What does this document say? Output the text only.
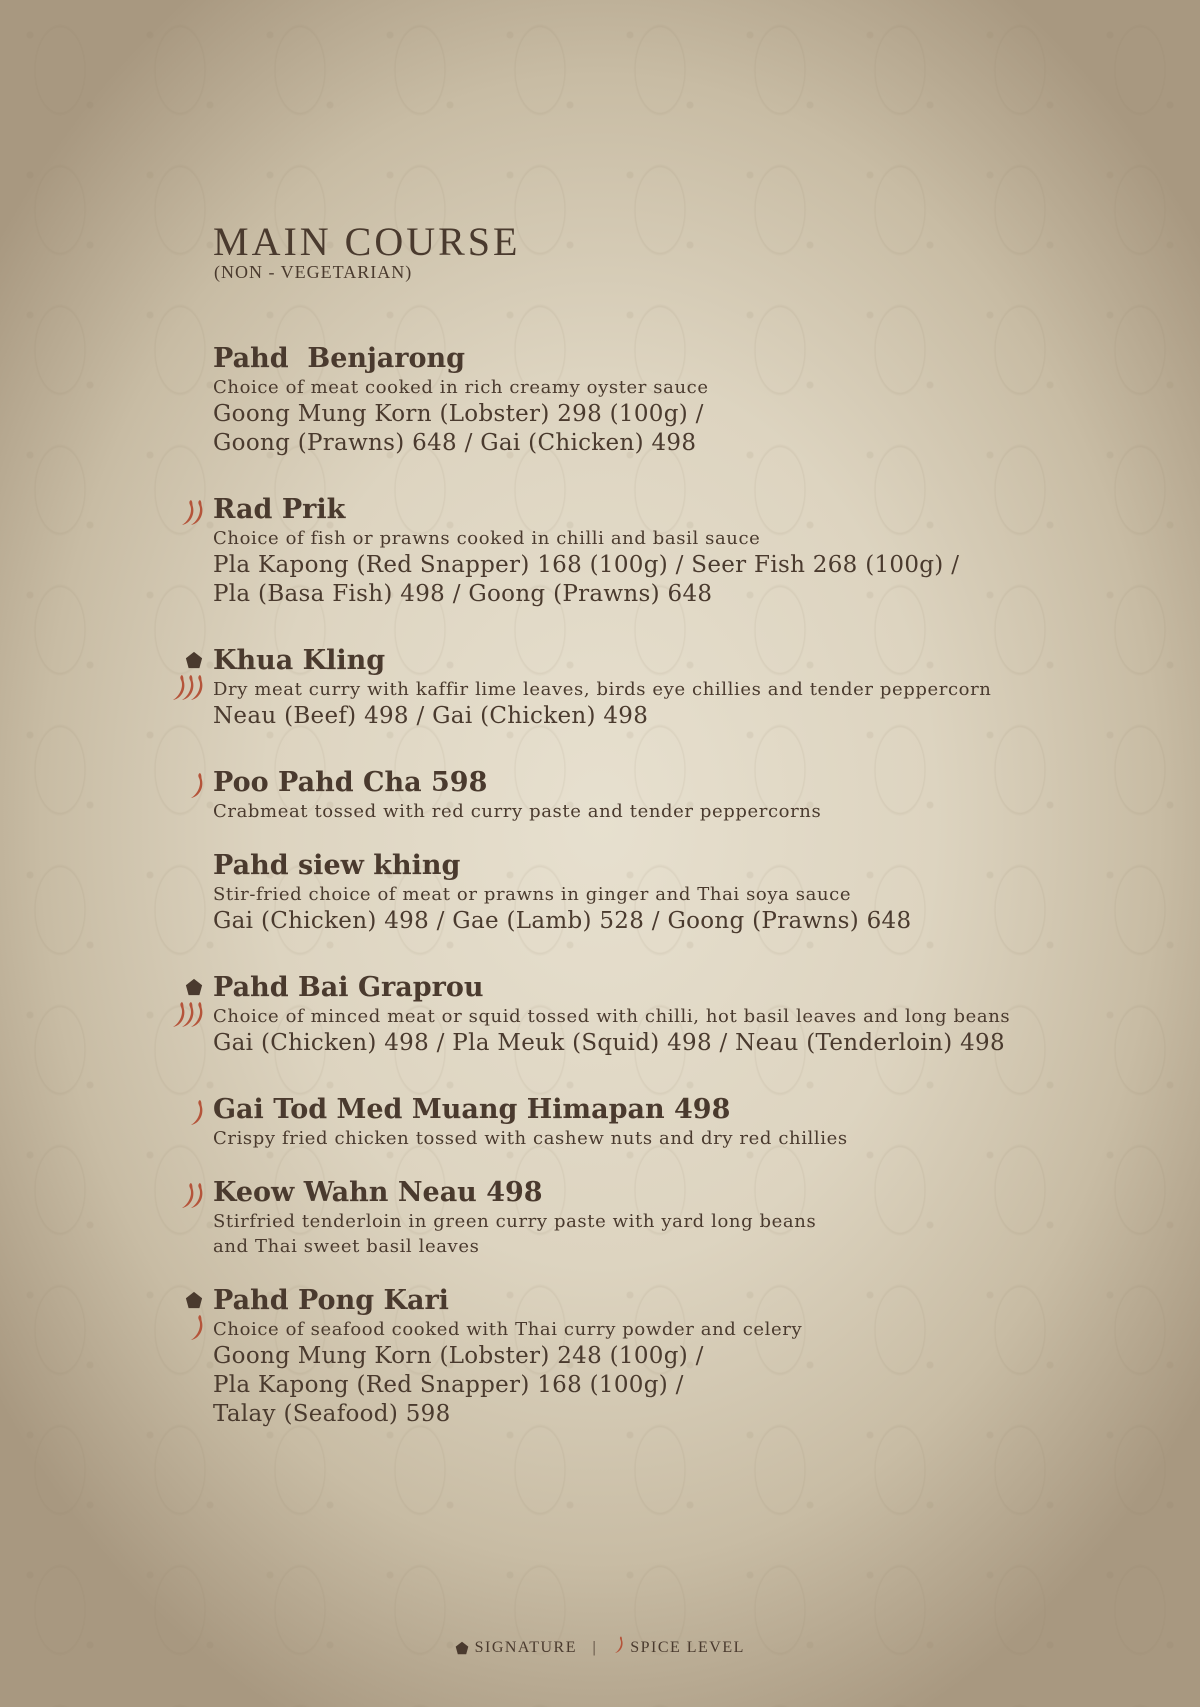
MAIN COURSE
(NON - VEGETARIAN)
Pahd  Benjarong
Choice of meat cooked in rich creamy oyster sauce
Goong Mung Korn (Lobster) 298 (100g) /
Goong (Prawns) 648 / Gai (Chicken) 498
Rad Prik
Choice of fish or prawns cooked in chilli and basil sauce
Pla Kapong (Red Snapper) 168 (100g) / Seer Fish 268 (100g) /
Pla (Basa Fish) 498 / Goong (Prawns) 648
Khua Kling
Dry meat curry with kaffir lime leaves, birds eye chillies and tender peppercorn
Neau (Beef) 498 / Gai (Chicken) 498
Poo Pahd Cha 598
Crabmeat tossed with red curry paste and tender peppercorns
Pahd siew khing
Stir-fried choice of meat or prawns in ginger and Thai soya sauce
Gai (Chicken) 498 / Gae (Lamb) 528 / Goong (Prawns) 648
Pahd Bai Graprou
Choice of minced meat or squid tossed with chilli, hot basil leaves and long beans
Gai (Chicken) 498 / Pla Meuk (Squid) 498 / Neau (Tenderloin) 498
Gai Tod Med Muang Himapan 498
Crispy fried chicken tossed with cashew nuts and dry red chillies
Keow Wahn Neau 498
Stirfried tenderloin in green curry paste with yard long beans
and Thai sweet basil leaves
Pahd Pong Kari
Choice of seafood cooked with Thai curry powder and celery
Goong Mung Korn (Lobster) 248 (100g) /
Pla Kapong (Red Snapper) 168 (100g) /
Talay (Seafood) 598
SIGNATURE | SPICE LEVEL
